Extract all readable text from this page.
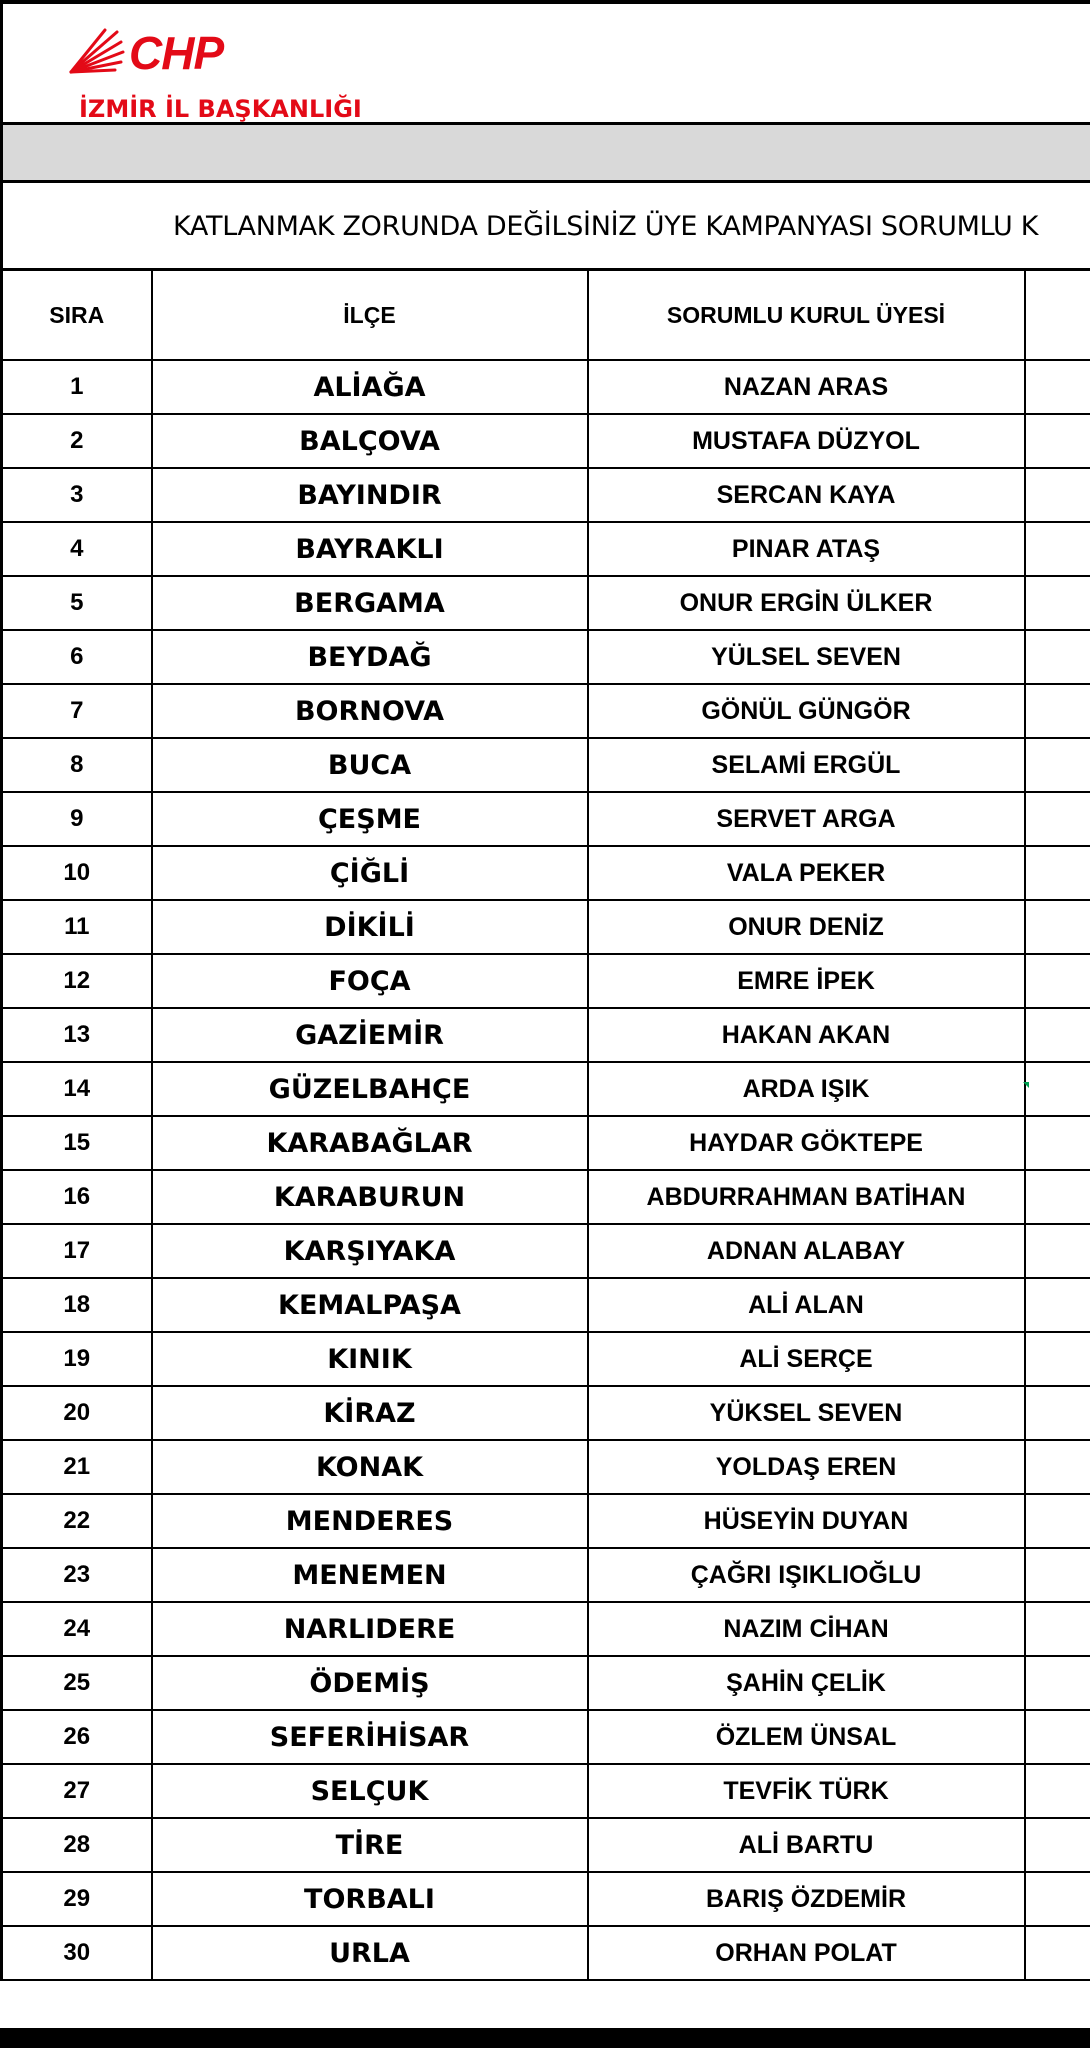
CHP
İZMİR İL BAŞKANLIĞI
KATLANMAK ZORUNDA DEĞİLSİNİZ ÜYE KAMPANYASI SORUMLU K
SIRA	İLÇE	SORUMLU KURUL ÜYESİ	
1	ALİAĞA	NAZAN ARAS	
2	BALÇOVA	MUSTAFA DÜZYOL	
3	BAYINDIR	SERCAN KAYA	
4	BAYRAKLI	PINAR ATAŞ	
5	BERGAMA	ONUR ERGİN ÜLKER	
6	BEYDAĞ	YÜLSEL SEVEN	
7	BORNOVA	GÖNÜL GÜNGÖR	
8	BUCA	SELAMİ ERGÜL	
9	ÇEŞME	SERVET ARGA	
10	ÇİĞLİ	VALA PEKER	
11	DİKİLİ	ONUR DENİZ	
12	FOÇA	EMRE İPEK	
13	GAZİEMİR	HAKAN AKAN	
14	GÜZELBAHÇE	ARDA IŞIK	
15	KARABAĞLAR	HAYDAR GÖKTEPE	
16	KARABURUN	ABDURRAHMAN BATİHAN	
17	KARŞIYAKA	ADNAN ALABAY	
18	KEMALPAŞA	ALİ ALAN	
19	KINIK	ALİ SERÇE	
20	KİRAZ	YÜKSEL SEVEN	
21	KONAK	YOLDAŞ EREN	
22	MENDERES	HÜSEYİN DUYAN	
23	MENEMEN	ÇAĞRI IŞIKLIOĞLU	
24	NARLIDERE	NAZIM CİHAN	
25	ÖDEMİŞ	ŞAHİN ÇELİK	
26	SEFERİHİSAR	ÖZLEM ÜNSAL	
27	SELÇUK	TEVFİK TÜRK	
28	TİRE	ALİ BARTU	
29	TORBALI	BARIŞ ÖZDEMİR	
30	URLA	ORHAN POLAT	
